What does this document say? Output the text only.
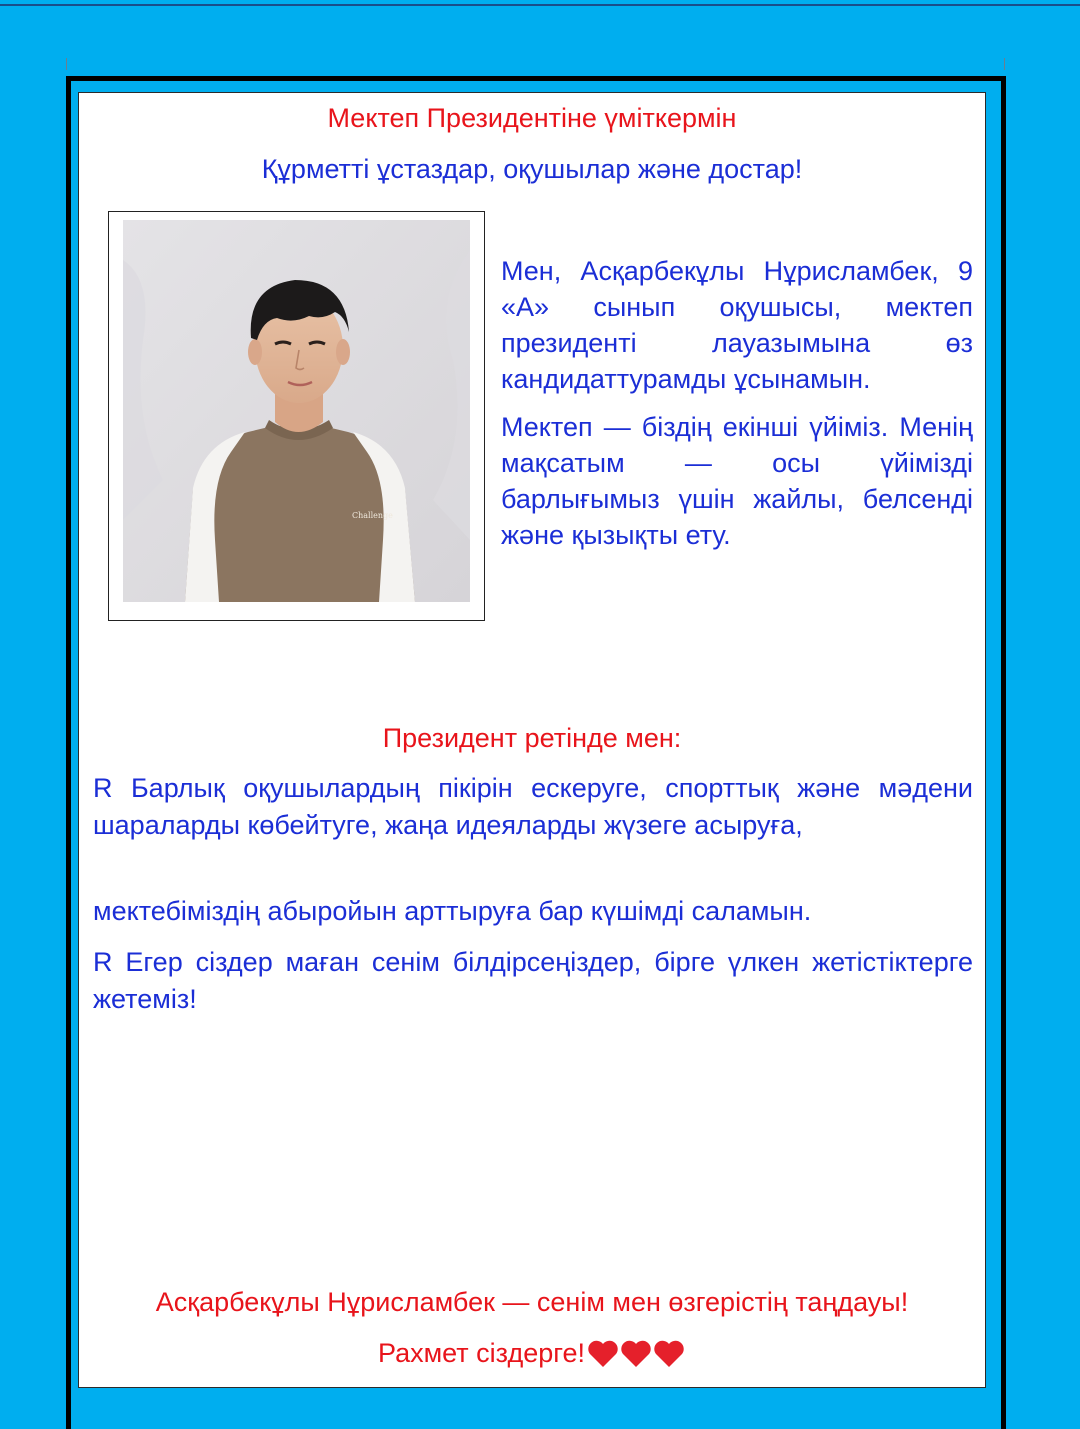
Мектеп Президентіне үміткермін
Құрметті ұстаздар, оқушылар және достар!
Challenge

Мен, Асқарбекұлы Нұрисламбек, 9 «А» сынып оқушысы, мектеп президенті лауазымына өз кандидаттурамды ұсынамын.

Мектеп — біздің екінші үйіміз. Менің мақсатым — осы үйімізді барлығымыз үшін жайлы, белсенді және қызықты ету.

Президент ретінде мен:

R Барлық оқушылардың пікірін ескеруге, спорттық және мәдени шараларды көбейтуге, жаңа идеяларды жүзеге асыруға,

мектебіміздің абыройын арттыруға бар күшімді саламын.

R Егер сіздер маған сенім білдірсеңіздер, бірге үлкен жетістіктерге жетеміз!

Асқарбекұлы Нұрисламбек — сенім мен өзгерістің таңдауы!
Рахмет сіздерге!
